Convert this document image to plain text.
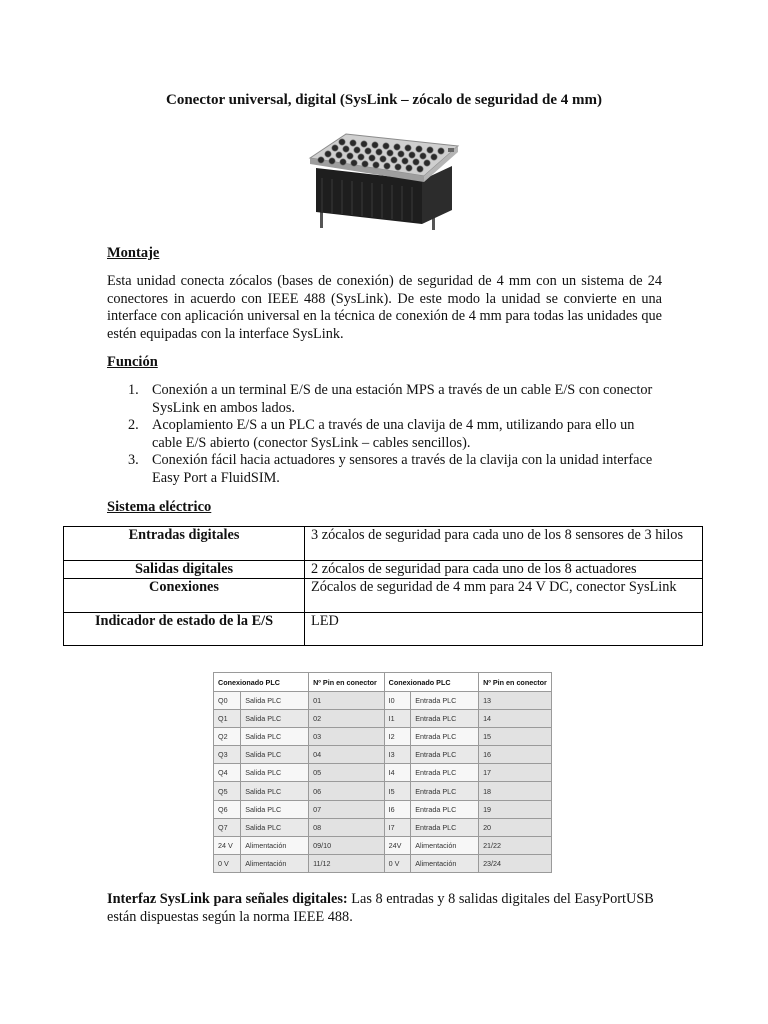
Conector universal, digital (SysLink – zócalo de seguridad de 4 mm)
Montaje
Esta unidad conecta zócalos (bases de conexión) de seguridad de 4 mm con un sistema de 24 conectores in acuerdo con IEEE 488 (SysLink). De este modo la unidad se convierte en una interface con aplicación universal en la técnica de conexión de 4 mm para todas las unidades que estén equipadas con la interface SysLink.
Función
1. Conexión a un terminal E/S de una estación MPS a través de un cable E/S con conector SysLink en ambos lados.
2. Acoplamiento E/S a un PLC a través de una clavija de 4 mm, utilizando para ello un cable E/S abierto (conector SysLink – cables sencillos).
3. Conexión fácil hacia actuadores y sensores a través de la clavija con la unidad interface Easy Port a FluidSIM.
Sistema eléctrico
Entradas digitales	3 zócalos de seguridad para cada uno de los 8 sensores de 3 hilos
Salidas digitales	2 zócalos de seguridad para cada uno de los 8 actuadores
Conexiones	Zócalos de seguridad de 4 mm para 24 V DC, conector SysLink
Indicador de estado de la E/S	LED
Conexionado PLC		Nº Pin en conector	Conexionado PLC		Nº Pin en conector
Q0	Salida PLC	01	I0	Entrada PLC	13
Q1	Salida PLC	02	I1	Entrada PLC	14
Q2	Salida PLC	03	I2	Entrada PLC	15
Q3	Salida PLC	04	I3	Entrada PLC	16
Q4	Salida PLC	05	I4	Entrada PLC	17
Q5	Salida PLC	06	I5	Entrada PLC	18
Q6	Salida PLC	07	I6	Entrada PLC	19
Q7	Salida PLC	08	I7	Entrada PLC	20
24 V	Alimentación	09/10	24V	Alimentación	21/22
0 V	Alimentación	11/12	0 V	Alimentación	23/24
Interfaz SysLink para señales digitales: Las 8 entradas y 8 salidas digitales del EasyPortUSB están dispuestas según la norma IEEE 488.
